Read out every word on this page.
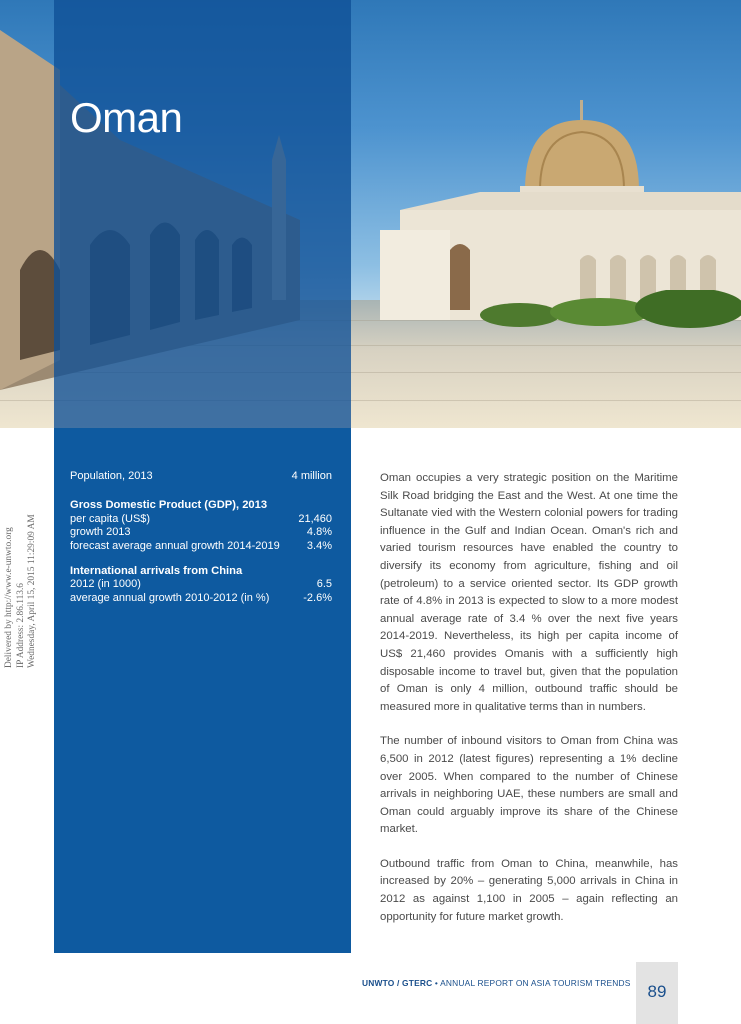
Oman
Population, 2013	4 million
Gross Domestic Product (GDP), 2013
per capita (US$)	21,460
growth 2013	4.8%
forecast average annual growth 2014-2019 3.4%
International arrivals from China
2012 (in 1000)	6.5
average annual growth 2010-2012 (in %)	-2.6%
Delivered by http://www.e-unwto.org IP Address: 2.86.113.6 Wednesday, April 15, 2015 11:29:09 AM

Oman occupies a very strategic position on the Maritime Silk Road bridging the East and the West. At one time the Sultanate vied with the Western colonial powers for trading influence in the Gulf and Indian Ocean. Oman's rich and varied tourism resources have enabled the country to diversify its economy from agriculture, fishing and oil (petroleum) to a service oriented sector. Its GDP growth rate of 4.8% in 2013 is expected to slow to a more modest annual average rate of 3.4 % over the next five years 2014-2019. Nevertheless, its high per capita income of US$ 21,460 provides Omanis with a sufficiently high disposable income to travel but, given that the population of Oman is only 4 million, outbound traffic should be measured more in qualitative terms than in numbers.

The number of inbound visitors to Oman from China was 6,500 in 2012 (latest figures) representing a 1% decline over 2005. When compared to the number of Chinese arrivals in neighboring UAE, these numbers are small and Oman could arguably improve its share of the Chinese market.

Outbound traffic from Oman to China, meanwhile, has increased by 20% – generating 5,000 arrivals in China in 2012 as against 1,100 in 2005 – again reflecting an opportunity for future market growth.

UNWTO / GTERC • ANNUAL REPORT ON ASIA TOURISM TRENDS 89
